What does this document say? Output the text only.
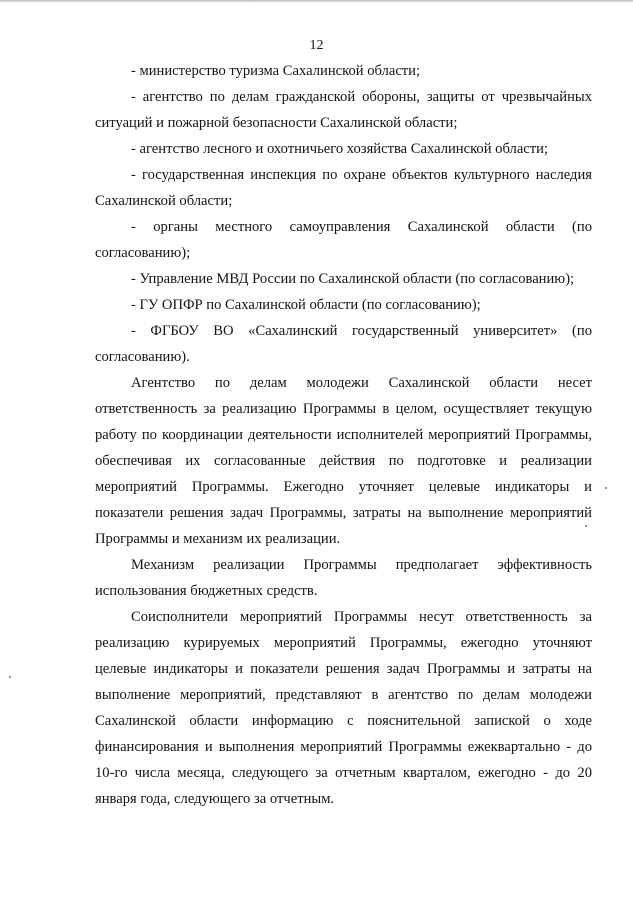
12

- министерство туризма Сахалинской области;

- агентство по делам гражданской обороны, защиты от чрезвычайных ситуаций и пожарной безопасности Сахалинской области;

- агентство лесного и охотничьего хозяйства Сахалинской области;

- государственная инспекция по охране объектов культурного наследия Сахалинской области;

- органы местного самоуправления Сахалинской области (по согласованию);

- Управление МВД России по Сахалинской области (по согласованию);

- ГУ ОПФР по Сахалинской области (по согласованию);

- ФГБОУ ВО «Сахалинский государственный университет» (по согласованию).

Агентство по делам молодежи Сахалинской области несет ответственность за реализацию Программы в целом, осуществляет текущую работу по координации деятельности исполнителей мероприятий Программы, обеспечивая их согласованные действия по подготовке и реализации мероприятий Программы. Ежегодно уточняет целевые индикаторы и показатели решения задач Программы, затраты на выполнение мероприятий Программы и механизм их реализации.

Механизм реализации Программы предполагает эффективность использования бюджетных средств.

Соисполнители мероприятий Программы несут ответственность за реализацию курируемых мероприятий Программы, ежегодно уточняют целевые индикаторы и показатели решения задач Программы и затраты на выполнение мероприятий, представляют в агентство по делам молодежи Сахалинской области информацию с пояснительной запиской о ходе финансирования и выполнения мероприятий Программы ежеквартально - до 10-го числа месяца, следующего за отчетным кварталом, ежегодно - до 20 января года, следующего за отчетным.
